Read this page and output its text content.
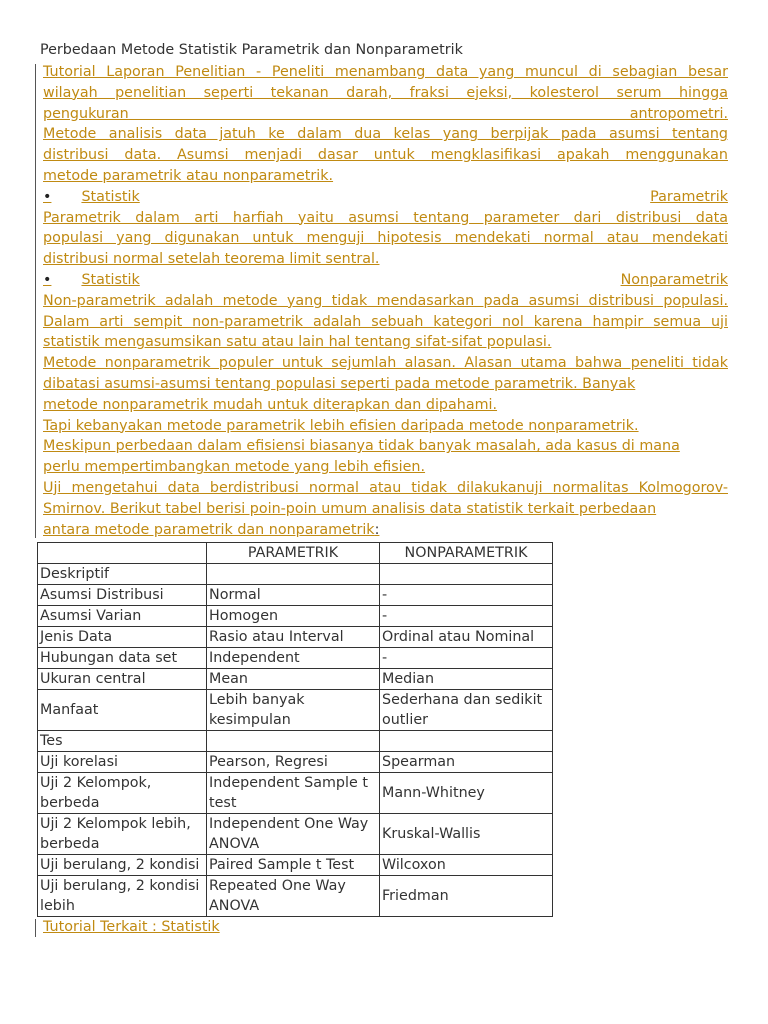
Perbedaan Metode Statistik Parametrik dan Nonparametrik

Tutorial Laporan Penelitian - Peneliti menambang data yang muncul di sebagian besar

wilayah penelitian seperti tekanan darah, fraksi ejeksi, kolesterol serum hingga

pengukuran antropometri.

Metode analisis data jatuh ke dalam dua kelas yang berpijak pada asumsi tentang

distribusi data. Asumsi menjadi dasar untuk mengklasifikasi apakah menggunakan

metode parametrik atau nonparametrik.

• Statistik	Parametrik

Parametrik dalam arti harfiah yaitu asumsi tentang parameter dari distribusi data

populasi yang digunakan untuk menguji hipotesis mendekati normal atau mendekati

distribusi normal setelah teorema limit sentral.

• Statistik	Nonparametrik

Non-parametrik adalah metode yang tidak mendasarkan pada asumsi distribusi populasi.

Dalam arti sempit non-parametrik adalah sebuah kategori nol karena hampir semua uji

statistik mengasumsikan satu atau lain hal tentang sifat-sifat populasi.

Metode nonparametrik populer untuk sejumlah alasan. Alasan utama bahwa peneliti tidak

dibatasi asumsi-asumsi tentang populasi seperti pada metode parametrik. Banyak

metode nonparametrik mudah untuk diterapkan dan dipahami.

Tapi kebanyakan metode parametrik lebih efisien daripada metode nonparametrik.

Meskipun perbedaan dalam efisiensi biasanya tidak banyak masalah, ada kasus di mana

perlu mempertimbangkan metode yang lebih efisien.

Uji mengetahui data berdistribusi normal atau tidak dilakukanuji normalitas Kolmogorov-

Smirnov. Berikut tabel berisi poin-poin umum analisis data statistik terkait perbedaan

antara metode parametrik dan nonparametrik:

	PARAMETRIK	NONPARAMETRIK
Deskriptif		
Asumsi Distribusi	Normal	-
Asumsi Varian	Homogen	-
Jenis Data	Rasio atau Interval	Ordinal atau Nominal
Hubungan data set	Independent	-
Ukuran central	Mean	Median
Manfaat	Lebih banyak kesimpulan	Sederhana dan sedikit outlier
Tes		
Uji korelasi	Pearson, Regresi	Spearman
Uji 2 Kelompok, berbeda	Independent Sample t test	Mann-Whitney
Uji 2 Kelompok lebih, berbeda	Independent One Way ANOVA	Kruskal-Wallis
Uji berulang, 2 kondisi	Paired Sample t Test	Wilcoxon
Uji berulang, 2 kondisi lebih	Repeated One Way ANOVA	Friedman
Tutorial Terkait : Statistik
